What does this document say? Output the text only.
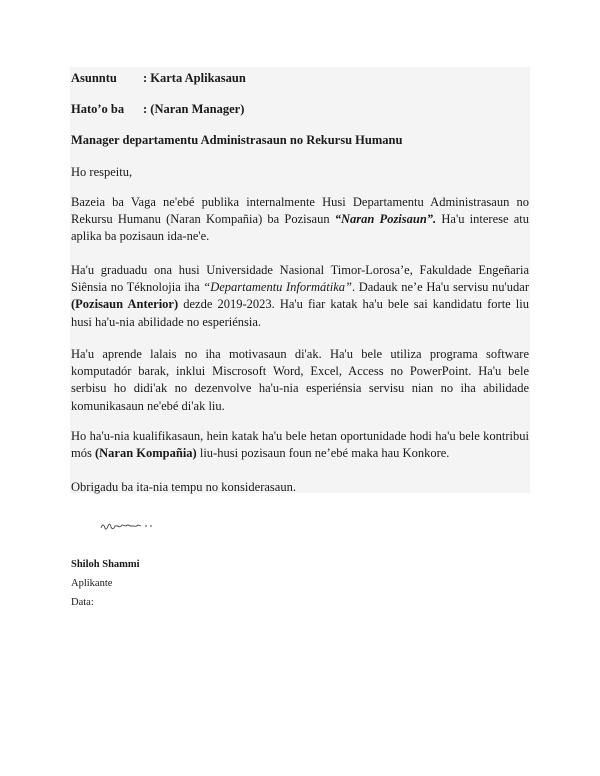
Asunntu : Karta Aplikasaun
Hato’o ba : (Naran Manager)
Manager departamentu Administrasaun no Rekursu Humanu
Ho respeitu,
Bazeia ba Vaga ne'ebé publika internalmente Husi Departamentu Administrasaun no Rekursu Humanu (Naran Kompañia) ba Pozisaun “Naran Pozisaun”. Ha'u interese atu aplika ba pozisaun ida-ne'e.
Ha'u graduadu ona husi Universidade Nasional Timor-Lorosa’e, Fakuldade Engeñaria Siênsia no Téknolojia iha “Departamentu Informátika”. Dadauk ne’e Ha'u servisu nu'udar (Pozisaun Anterior) dezde 2019-2023. Ha'u fiar katak ha'u bele sai kandidatu forte liu husi ha'u-nia abilidade no esperiénsia.
Ha'u aprende lalais no iha motivasaun di'ak. Ha'u bele utiliza programa software komputadór barak, inklui Miscrosoft Word, Excel, Access no PowerPoint. Ha'u bele serbisu ho didi'ak no dezenvolve ha'u-nia esperiénsia servisu nian no iha abilidade komunikasaun ne'ebé di'ak liu.
Ho ha'u-nia kualifikasaun, hein katak ha'u bele hetan oportunidade hodi ha'u bele kontribui mós (Naran Kompañia) liu-husi pozisaun foun ne’ebé maka hau Konkore.
Obrigadu ba ita-nia tempu no konsiderasaun.
Shiloh Shammi
Aplikante
Data:
